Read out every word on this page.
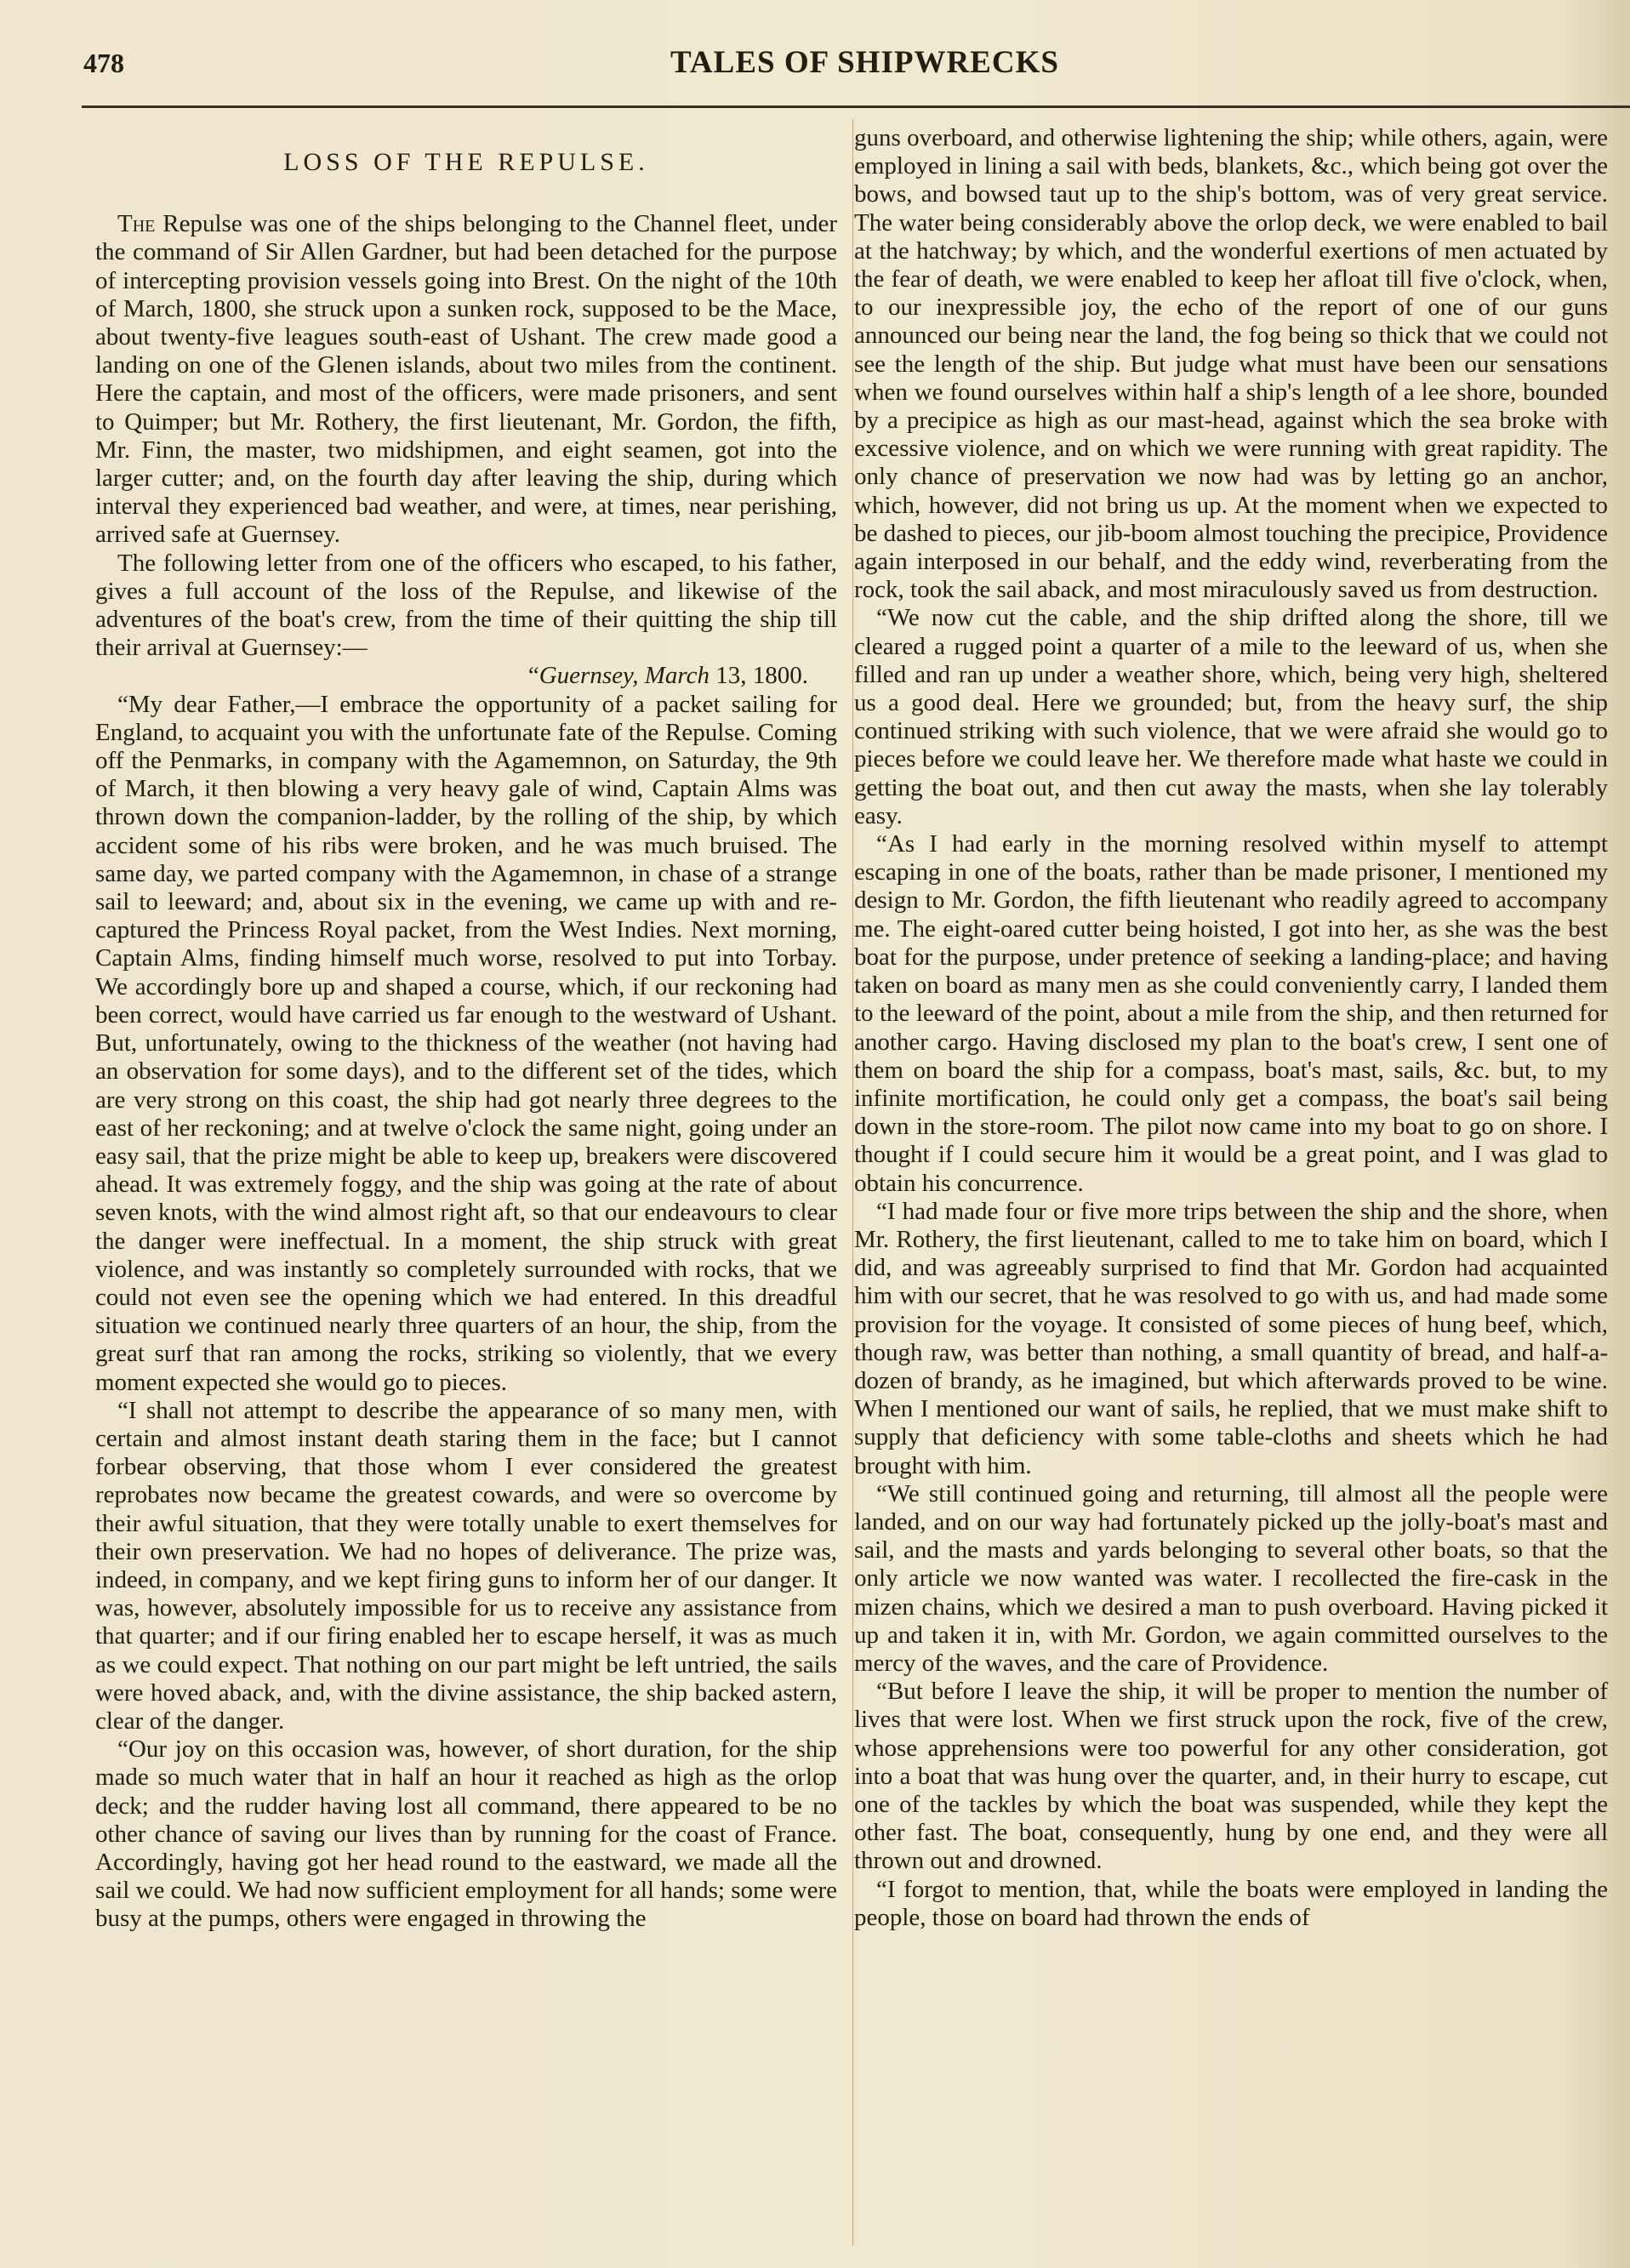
478	TALES OF SHIPWRECKS
LOSS OF THE REPULSE.

The Repulse was one of the ships belonging to the Channel fleet, under the command of Sir Allen Gardner, but had been detached for the purpose of intercepting provision vessels going into Brest. On the night of the 10th of March, 1800, she struck upon a sunken rock, supposed to be the Mace, about twenty-five leagues south-east of Ushant. The crew made good a landing on one of the Glenen islands, about two miles from the continent. Here the captain, and most of the officers, were made prisoners, and sent to Quimper; but Mr. Rothery, the first lieutenant, Mr. Gordon, the fifth, Mr. Finn, the master, two midshipmen, and eight seamen, got into the larger cutter; and, on the fourth day after leaving the ship, during which interval they experienced bad weather, and were, at times, near perishing, arrived safe at Guernsey.

The following letter from one of the officers who escaped, to his father, gives a full account of the loss of the Repulse, and likewise of the adventures of the boat's crew, from the time of their quitting the ship till their arrival at Guernsey:—

“Guernsey, March 13, 1800.

“My dear Father,—I embrace the opportunity of a packet sailing for England, to acquaint you with the unfortunate fate of the Repulse. Coming off the Penmarks, in company with the Agamemnon, on Saturday, the 9th of March, it then blowing a very heavy gale of wind, Captain Alms was thrown down the companion-ladder, by the rolling of the ship, by which accident some of his ribs were broken, and he was much bruised. The same day, we parted company with the Agamemnon, in chase of a strange sail to leeward; and, about six in the evening, we came up with and re-captured the Princess Royal packet, from the West Indies. Next morning, Captain Alms, finding himself much worse, resolved to put into Torbay. We accordingly bore up and shaped a course, which, if our reckoning had been correct, would have carried us far enough to the westward of Ushant. But, unfortunately, owing to the thickness of the weather (not having had an observation for some days), and to the different set of the tides, which are very strong on this coast, the ship had got nearly three degrees to the east of her reckoning; and at twelve o'clock the same night, going under an easy sail, that the prize might be able to keep up, breakers were discovered ahead. It was extremely foggy, and the ship was going at the rate of about seven knots, with the wind almost right aft, so that our endeavours to clear the danger were ineffectual. In a moment, the ship struck with great violence, and was instantly so completely surrounded with rocks, that we could not even see the opening which we had entered. In this dreadful situation we continued nearly three quarters of an hour, the ship, from the great surf that ran among the rocks, striking so violently, that we every moment expected she would go to pieces.

“I shall not attempt to describe the appearance of so many men, with certain and almost instant death staring them in the face; but I cannot forbear observing, that those whom I ever considered the greatest reprobates now became the greatest cowards, and were so overcome by their awful situation, that they were totally unable to exert themselves for their own preservation. We had no hopes of deliverance. The prize was, indeed, in company, and we kept firing guns to inform her of our danger. It was, however, absolutely impossible for us to receive any assistance from that quarter; and if our firing enabled her to escape herself, it was as much as we could expect. That nothing on our part might be left untried, the sails were hoved aback, and, with the divine assistance, the ship backed astern, clear of the danger.

“Our joy on this occasion was, however, of short duration, for the ship made so much water that in half an hour it reached as high as the orlop deck; and the rudder having lost all command, there appeared to be no other chance of saving our lives than by running for the coast of France. Accordingly, having got her head round to the eastward, we made all the sail we could. We had now sufficient employment for all hands; some were busy at the pumps, others were engaged in throwing the

guns overboard, and otherwise lightening the ship; while others, again, were employed in lining a sail with beds, blankets, &c., which being got over the bows, and bowsed taut up to the ship's bottom, was of very great service. The water being considerably above the orlop deck, we were enabled to bail at the hatchway; by which, and the wonderful exertions of men actuated by the fear of death, we were enabled to keep her afloat till five o'clock, when, to our inexpressible joy, the echo of the report of one of our guns announced our being near the land, the fog being so thick that we could not see the length of the ship. But judge what must have been our sensations when we found ourselves within half a ship's length of a lee shore, bounded by a precipice as high as our mast-head, against which the sea broke with excessive violence, and on which we were running with great rapidity. The only chance of preservation we now had was by letting go an anchor, which, however, did not bring us up. At the moment when we expected to be dashed to pieces, our jib-boom almost touching the precipice, Providence again interposed in our behalf, and the eddy wind, reverberating from the rock, took the sail aback, and most miraculously saved us from destruction.

“We now cut the cable, and the ship drifted along the shore, till we cleared a rugged point a quarter of a mile to the leeward of us, when she filled and ran up under a weather shore, which, being very high, sheltered us a good deal. Here we grounded; but, from the heavy surf, the ship continued striking with such violence, that we were afraid she would go to pieces before we could leave her. We therefore made what haste we could in getting the boat out, and then cut away the masts, when she lay tolerably easy.

“As I had early in the morning resolved within myself to attempt escaping in one of the boats, rather than be made prisoner, I mentioned my design to Mr. Gordon, the fifth lieutenant who readily agreed to accompany me. The eight-oared cutter being hoisted, I got into her, as she was the best boat for the purpose, under pretence of seeking a landing-place; and having taken on board as many men as she could conveniently carry, I landed them to the leeward of the point, about a mile from the ship, and then returned for another cargo. Having disclosed my plan to the boat's crew, I sent one of them on board the ship for a compass, boat's mast, sails, &c. but, to my infinite mortification, he could only get a compass, the boat's sail being down in the store-room. The pilot now came into my boat to go on shore. I thought if I could secure him it would be a great point, and I was glad to obtain his concurrence.

“I had made four or five more trips between the ship and the shore, when Mr. Rothery, the first lieutenant, called to me to take him on board, which I did, and was agreeably surprised to find that Mr. Gordon had acquainted him with our secret, that he was resolved to go with us, and had made some provision for the voyage. It consisted of some pieces of hung beef, which, though raw, was better than nothing, a small quantity of bread, and half-a-dozen of brandy, as he imagined, but which afterwards proved to be wine. When I mentioned our want of sails, he replied, that we must make shift to supply that deficiency with some table-cloths and sheets which he had brought with him.

“We still continued going and returning, till almost all the people were landed, and on our way had fortunately picked up the jolly-boat's mast and sail, and the masts and yards belonging to several other boats, so that the only article we now wanted was water. I recollected the fire-cask in the mizen chains, which we desired a man to push overboard. Having picked it up and taken it in, with Mr. Gordon, we again committed ourselves to the mercy of the waves, and the care of Providence.

“But before I leave the ship, it will be proper to mention the number of lives that were lost. When we first struck upon the rock, five of the crew, whose apprehensions were too powerful for any other consideration, got into a boat that was hung over the quarter, and, in their hurry to escape, cut one of the tackles by which the boat was suspended, while they kept the other fast. The boat, consequently, hung by one end, and they were all thrown out and drowned.

“I forgot to mention, that, while the boats were employed in landing the people, those on board had thrown the ends of
